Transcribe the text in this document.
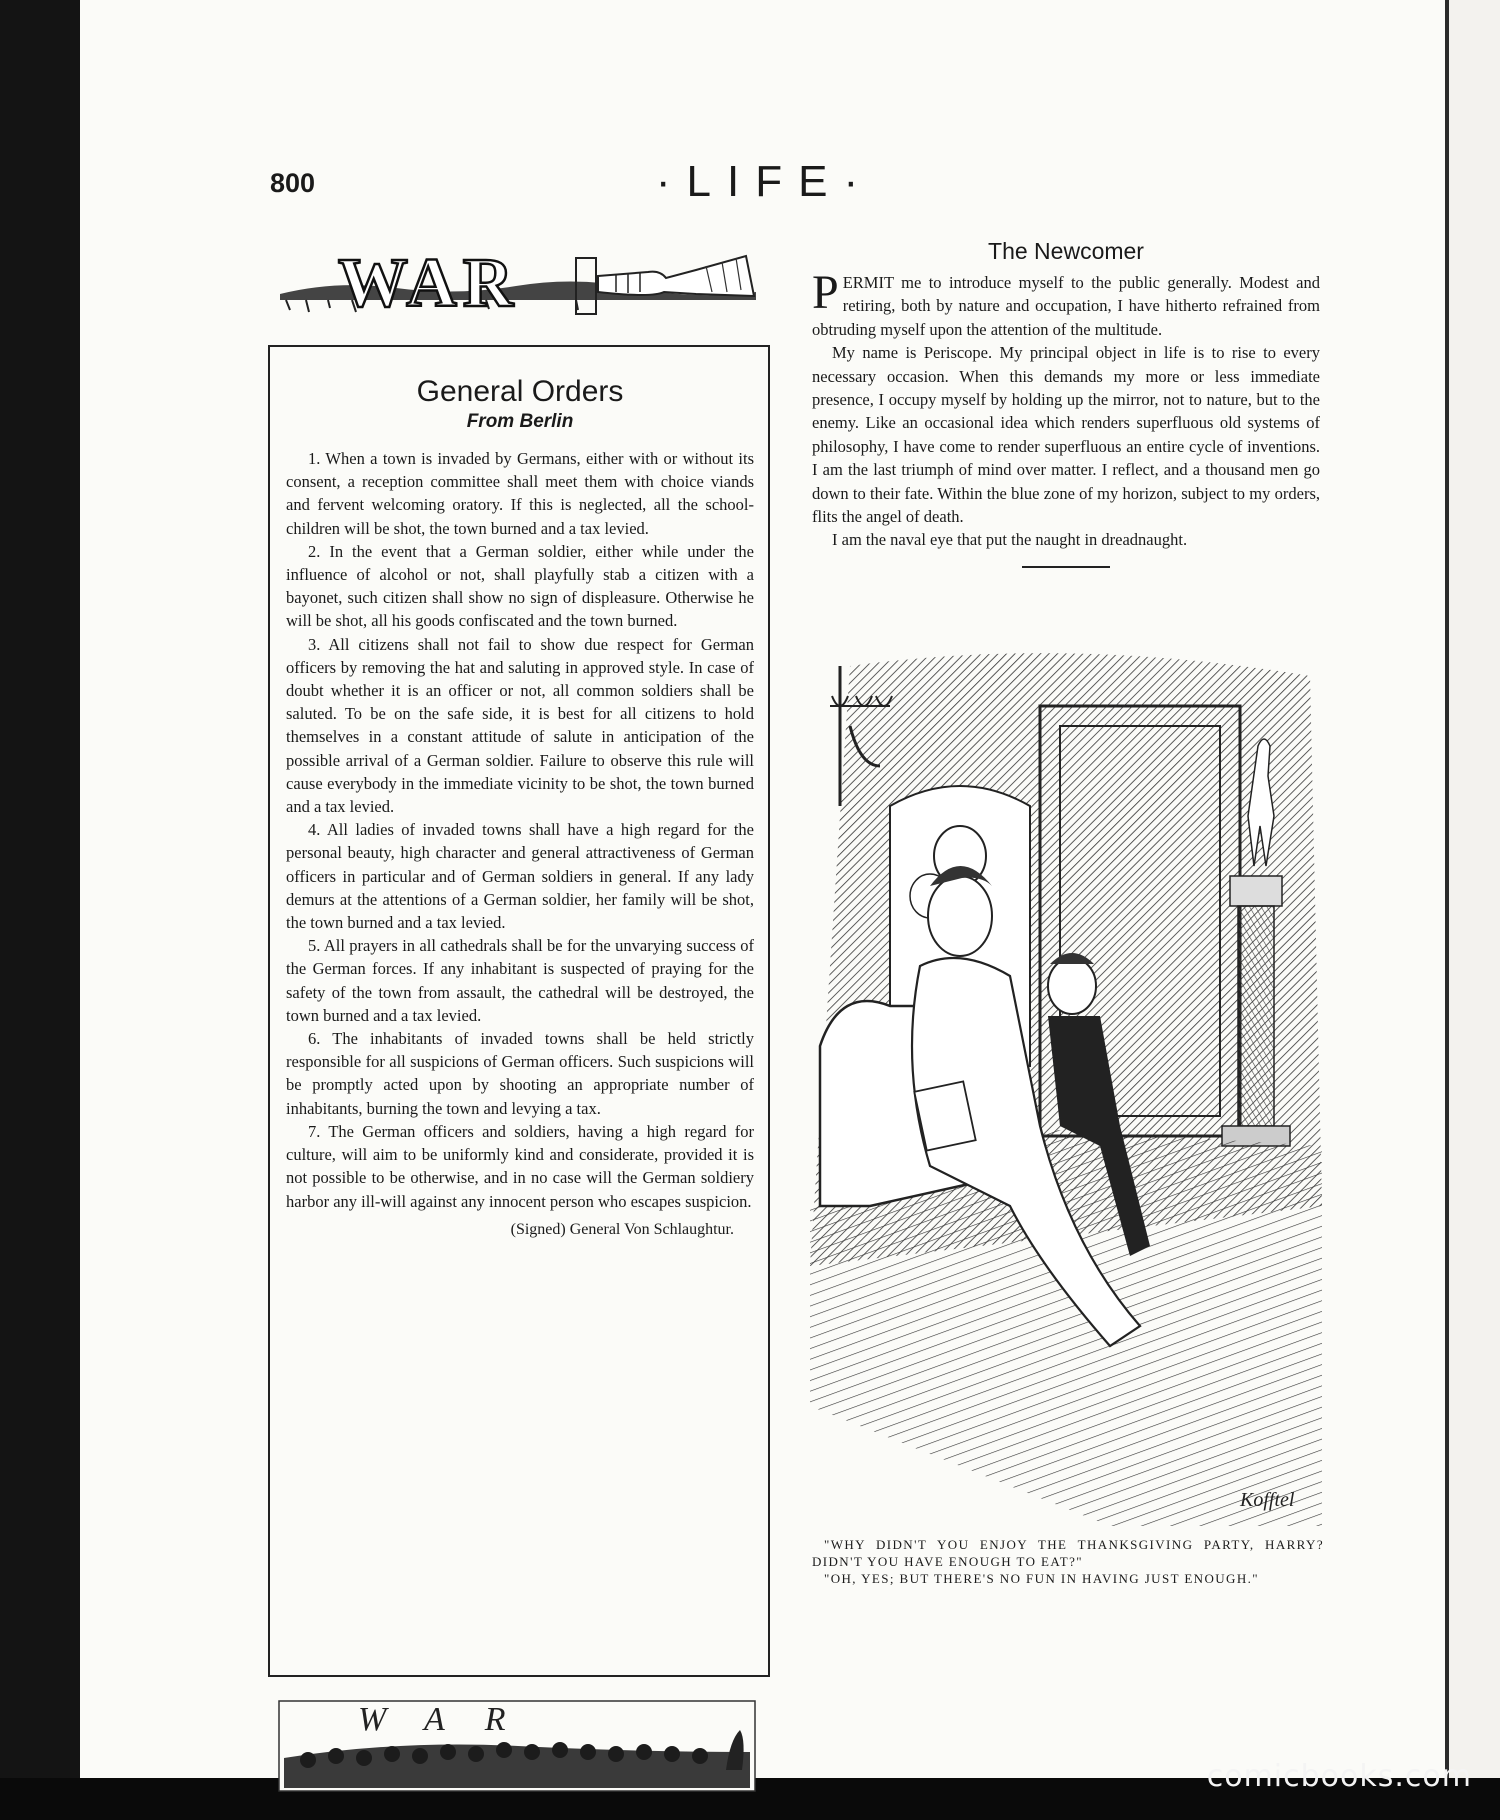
comicbooks.com
800	·LIFE·
WAR
General Orders
From Berlin

1. When a town is invaded by Germans, either with or without its consent, a reception committee shall meet them with choice viands and fervent welcoming oratory. If this is neglected, all the school-children will be shot, the town burned and a tax levied.

2. In the event that a German soldier, either while under the influence of alcohol or not, shall playfully stab a citizen with a bayonet, such citizen shall show no sign of displeasure. Otherwise he will be shot, all his goods confiscated and the town burned.

3. All citizens shall not fail to show due respect for German officers by removing the hat and saluting in approved style. In case of doubt whether it is an officer or not, all common soldiers shall be saluted. To be on the safe side, it is best for all citizens to hold themselves in a constant attitude of salute in anticipation of the possible arrival of a German soldier. Failure to observe this rule will cause everybody in the immediate vicinity to be shot, the town burned and a tax levied.

4. All ladies of invaded towns shall have a high regard for the personal beauty, high character and general attractiveness of German officers in particular and of German soldiers in general. If any lady demurs at the attentions of a German soldier, her family will be shot, the town burned and a tax levied.

5. All prayers in all cathedrals shall be for the unvarying success of the German forces. If any inhabitant is suspected of praying for the safety of the town from assault, the cathedral will be destroyed, the town burned and a tax levied.

6. The inhabitants of invaded towns shall be held strictly responsible for all suspicions of German officers. Such suspicions will be promptly acted upon by shooting an appropriate number of inhabitants, burning the town and levying a tax.

7. The German officers and soldiers, having a high regard for culture, will aim to be uniformly kind and considerate, provided it is not possible to be otherwise, and in no case will the German soldiery harbor any ill-will against any innocent person who escapes suspicion.

(Signed) General Von Schlaughtur.
WAR
The Newcomer

PERMIT me to introduce myself to the public generally. Modest and retiring, both by nature and occupation, I have hitherto refrained from obtruding myself upon the attention of the multitude.

My name is Periscope. My principal object in life is to rise to every necessary occasion. When this demands my more or less immediate presence, I occupy myself by holding up the mirror, not to nature, but to the enemy. Like an occasional idea which renders superfluous old systems of philosophy, I have come to render superfluous an entire cycle of inventions. I am the last triumph of mind over matter. I reflect, and a thousand men go down to their fate. Within the blue zone of my horizon, subject to my orders, flits the angel of death.

I am the naval eye that put the naught in dreadnaught.

Kofftel

"WHY DIDN'T YOU ENJOY THE THANKSGIVING PARTY, HARRY? DIDN'T YOU HAVE ENOUGH TO EAT?"

"OH, YES; BUT THERE'S NO FUN IN HAVING JUST ENOUGH."
